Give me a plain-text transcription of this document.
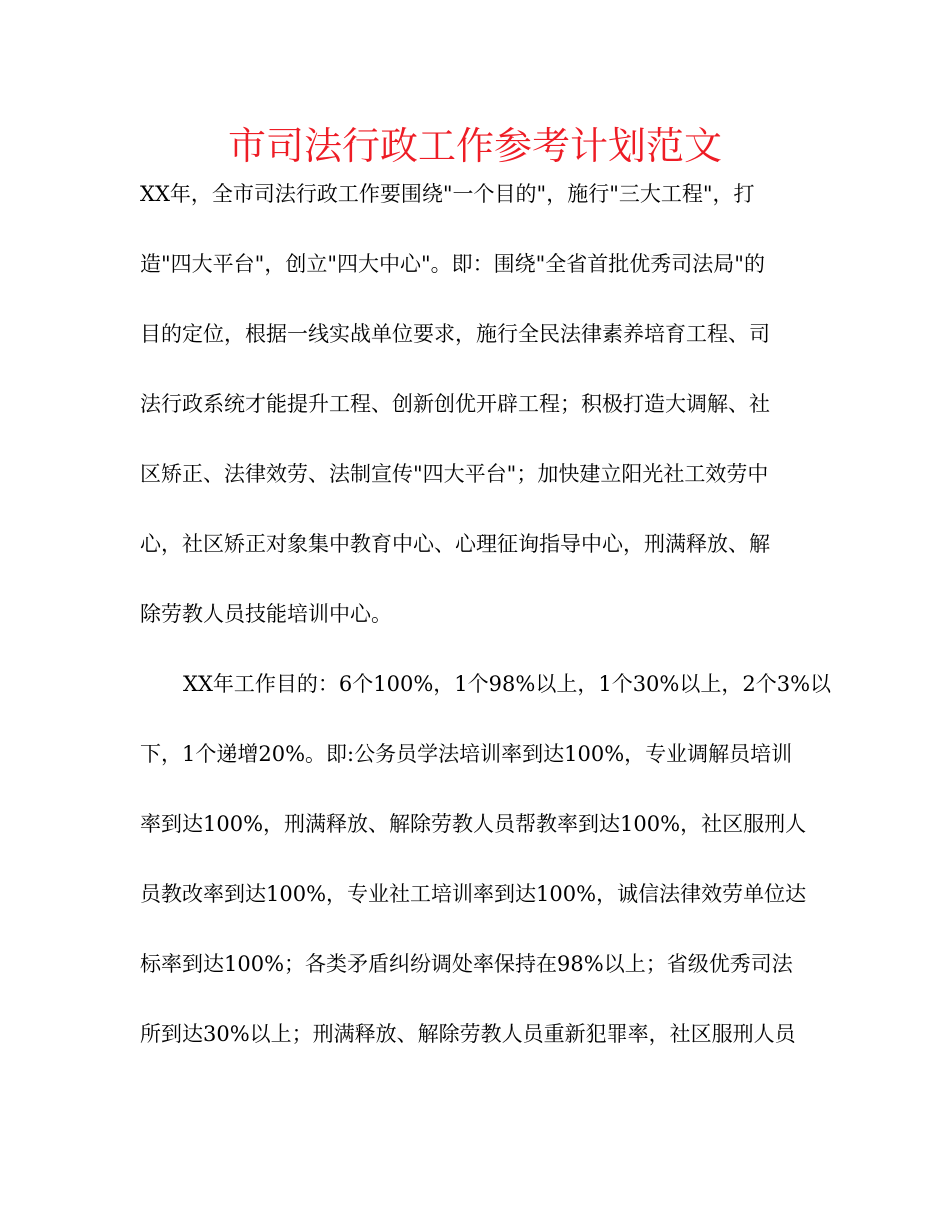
市司法行政工作参考计划范文
XX年，全市司法行政工作要围绕"一个目的"，施行"三大工程"，打
造"四大平台"，创立"四大中心"。即：围绕"全省首批优秀司法局"的
目的定位，根据一线实战单位要求，施行全民法律素养培育工程、司
法行政系统才能提升工程、创新创优开辟工程；积极打造大调解、社
区矫正、法律效劳、法制宣传"四大平台"；加快建立阳光社工效劳中
心，社区矫正对象集中教育中心、心理征询指导中心，刑满释放、解
除劳教人员技能培训中心。
XX年工作目的：6个100%，1个98%以上，1个30%以上，2个3%以
下，1个递增20%。即:公务员学法培训率到达100%，专业调解员培训
率到达100%，刑满释放、解除劳教人员帮教率到达100%，社区服刑人
员教改率到达100%，专业社工培训率到达100%，诚信法律效劳单位达
标率到达100%；各类矛盾纠纷调处率保持在98%以上；省级优秀司法
所到达30%以上；刑满释放、解除劳教人员重新犯罪率，社区服刑人员
